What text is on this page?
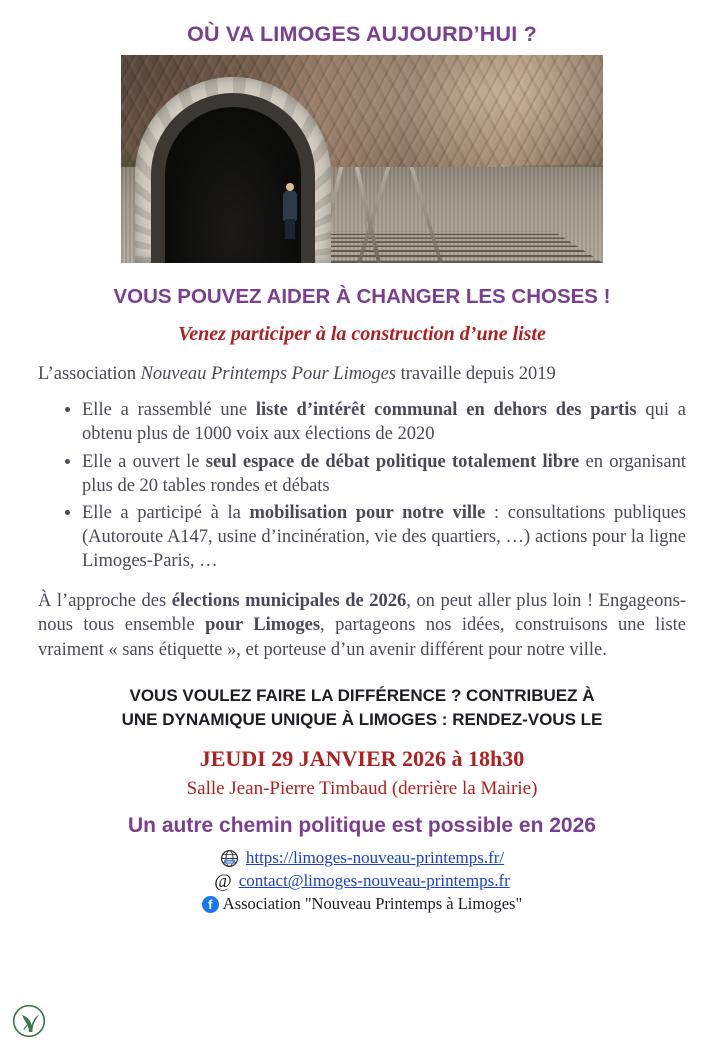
OÙ VA LIMOGES AUJOURD’HUI ?
VOUS POUVEZ AIDER À CHANGER LES CHOSES !
Venez participer à la construction d’une liste

L’association Nouveau Printemps Pour Limoges travaille depuis 2019

• Elle a rassemblé une liste d’intérêt communal en dehors des partis qui a obtenu plus de 1000 voix aux élections de 2020
• Elle a ouvert le seul espace de débat politique totalement libre en organisant plus de 20 tables rondes et débats
• Elle a participé à la mobilisation pour notre ville : consultations publiques (Autoroute A147, usine d’incinération, vie des quartiers, …) actions pour la ligne Limoges-Paris, …

À l’approche des élections municipales de 2026, on peut aller plus loin ! Engageons-nous tous ensemble pour Limoges, partageons nos idées, construisons une liste vraiment « sans étiquette », et porteuse d’un avenir différent pour notre ville.

VOUS VOULEZ FAIRE LA DIFFÉRENCE ? CONTRIBUEZ À
UNE DYNAMIQUE UNIQUE À LIMOGES : RENDEZ-VOUS LE
JEUDI 29 JANVIER 2026 à 18h30
Salle Jean-Pierre Timbaud (derrière la Mairie)
Un autre chemin politique est possible en 2026
www https://limoges-nouveau-printemps.fr/
@ contact@limoges-nouveau-printemps.fr
f Association "Nouveau Printemps à Limoges"
